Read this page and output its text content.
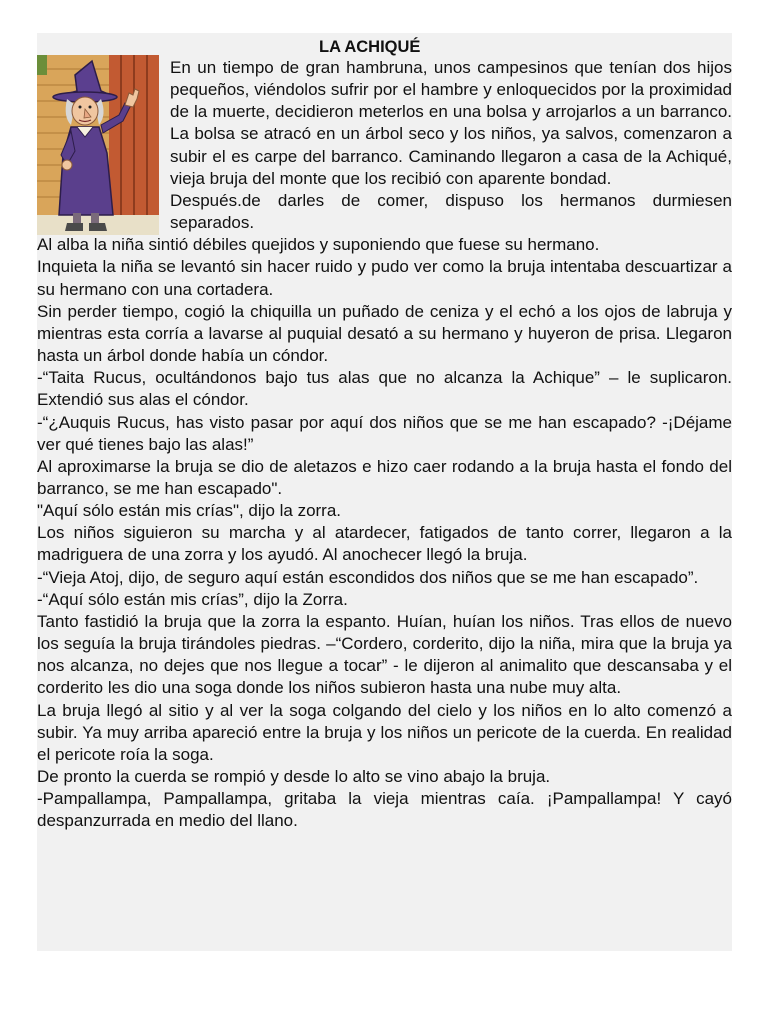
LA ACHIQUÉ

En un tiempo de gran hambruna, unos campesinos que tenían dos hijos pequeños, viéndolos sufrir por el hambre y enloquecidos por la proximidad de la muerte, decidieron meterlos en una bolsa y arrojarlos a un barranco. La bolsa se atracó en un árbol seco y los niños, ya salvos, comenzaron a subir el es carpe del barranco. Caminando llegaron a casa de la Achiqué, vieja bruja del monte que los recibió con aparente bondad.

Después.de darles de comer, dispuso los hermanos durmiesen separados.

Al alba la niña sintió débiles quejidos y suponiendo que fuese su hermano.

Inquieta la niña se levantó sin hacer ruido y pudo ver como la bruja intentaba descuartizar a su hermano con una cortadera.

Sin perder tiempo, cogió la chiquilla un puñado de ceniza y el echó a los ojos de labruja y mientras esta corría a lavarse al puquial desató a su hermano y huyeron de prisa. Llegaron hasta un árbol donde había un cóndor.

-“Taita Rucus, ocultándonos bajo tus alas que no alcanza la Achique” – le suplicaron. Extendió sus alas el cóndor.

-“¿Auquis Rucus, has visto pasar por aquí dos niños que se me han escapado? -¡Déjame ver qué tienes bajo las alas!”

Al aproximarse la bruja se dio de aletazos e hizo caer rodando a la bruja hasta el fondo del barranco, se me han escapado".

"Aquí sólo están mis crías", dijo la zorra.

Los niños siguieron su marcha y al atardecer, fatigados de tanto correr, llegaron a la madriguera de una zorra y los ayudó. Al anochecer llegó la bruja.

-“Vieja Atoj, dijo, de seguro aquí están escondidos dos niños que se me han escapado”.

-“Aquí sólo están mis crías”, dijo la Zorra.

Tanto fastidió la bruja que la zorra la espanto. Huían, huían los niños. Tras ellos de nuevo los seguía la bruja tirándoles piedras. –“Cordero, corderito, dijo la niña, mira que la bruja ya nos alcanza, no dejes que nos llegue a tocar” - le dijeron al animalito que descansaba y el corderito les dio una soga donde los niños subieron hasta una nube muy alta.

La bruja llegó al sitio y al ver la soga colgando del cielo y los niños en lo alto comenzó a subir. Ya muy arriba apareció entre la bruja y los niños un pericote de la cuerda. En realidad el pericote roía la soga.

De pronto la cuerda se rompió y desde lo alto se vino abajo la bruja.

-Pampallampa, Pampallampa, gritaba la vieja mientras caía. ¡Pampallampa! Y cayó despanzurrada en medio del llano.
